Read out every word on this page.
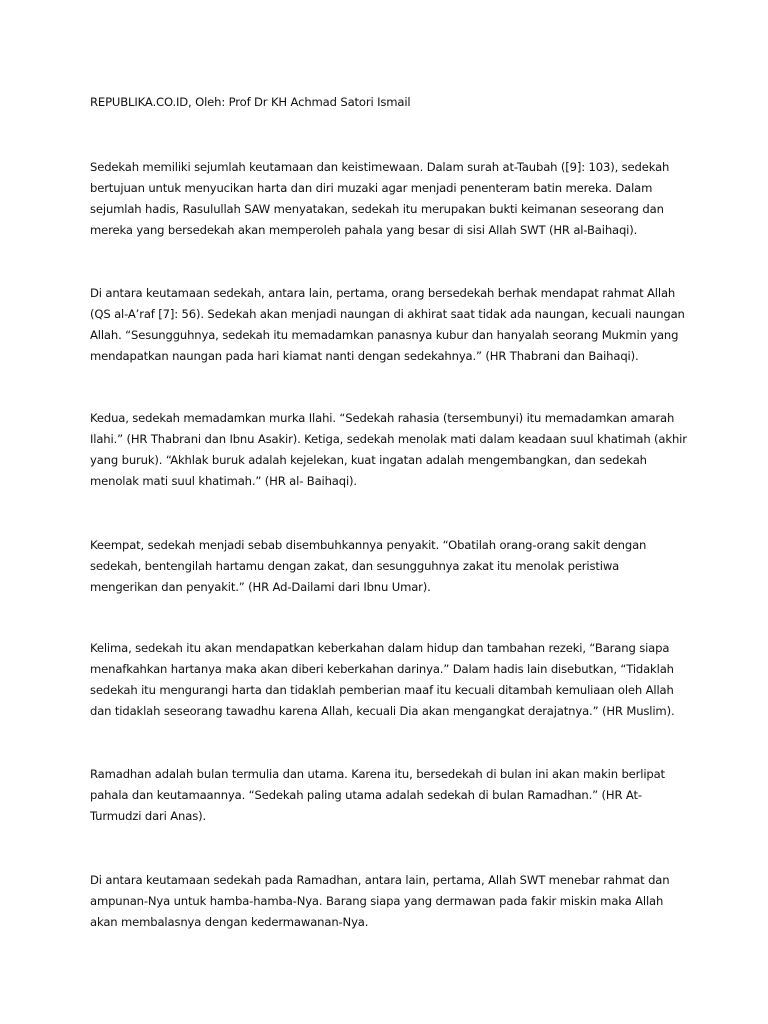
REPUBLIKA.CO.ID, Oleh: Prof Dr KH Achmad Satori Ismail

Sedekah memiliki sejumlah keutamaan dan keistimewaan. Dalam surah at-Taubah ([9]: 103), sedekah bertujuan untuk menyucikan harta dan diri muzaki agar menjadi penenteram batin mereka. Dalam sejumlah hadis, Rasulullah SAW menyatakan, sedekah itu merupakan bukti keimanan seseorang dan mereka yang bersedekah akan memperoleh pahala yang besar di sisi Allah SWT (HR al-Baihaqi).

Di antara keutamaan sedekah, antara lain, pertama, orang bersedekah berhak mendapat rahmat Allah (QS al-A’raf [7]: 56). Sedekah akan menjadi naungan di akhirat saat tidak ada naungan, kecuali naungan Allah. “Sesungguhnya, sedekah itu memadamkan panasnya kubur dan hanyalah seorang Mukmin yang mendapatkan naungan pada hari kiamat nanti dengan sedekahnya.” (HR Thabrani dan Baihaqi).

Kedua, sedekah memadamkan murka Ilahi. “Sedekah rahasia (tersembunyi) itu memadamkan amarah Ilahi.” (HR Thabrani dan Ibnu Asakir). Ketiga, sedekah menolak mati dalam keadaan suul khatimah (akhir yang buruk). “Akhlak buruk adalah kejelekan, kuat ingatan adalah mengembangkan, dan sedekah menolak mati suul khatimah.” (HR al- Baihaqi).

Keempat, sedekah menjadi sebab disembuhkannya penyakit. “Obatilah orang-orang sakit dengan sedekah, bentengilah hartamu dengan zakat, dan sesungguhnya zakat itu menolak peristiwa mengerikan dan penyakit.” (HR Ad-Dailami dari Ibnu Umar).

Kelima, sedekah itu akan mendapatkan keberkahan dalam hidup dan tambahan rezeki, “Barang siapa menafkahkan hartanya maka akan diberi keberkahan darinya.” Dalam hadis lain disebutkan, “Tidaklah sedekah itu mengurangi harta dan tidaklah pemberian maaf itu kecuali ditambah kemuliaan oleh Allah dan tidaklah seseorang tawadhu karena Allah, kecuali Dia akan mengangkat derajatnya.” (HR Muslim).

Ramadhan adalah bulan termulia dan utama. Karena itu, bersedekah di bulan ini akan makin berlipat pahala dan keutamaannya. “Sedekah paling utama adalah sedekah di bulan Ramadhan.” (HR At-Turmudzi dari Anas).

Di antara keutamaan sedekah pada Ramadhan, antara lain, pertama, Allah SWT menebar rahmat dan ampunan-Nya untuk hamba-hamba-Nya. Barang siapa yang dermawan pada fakir miskin maka Allah akan membalasnya dengan kedermawanan-Nya.
